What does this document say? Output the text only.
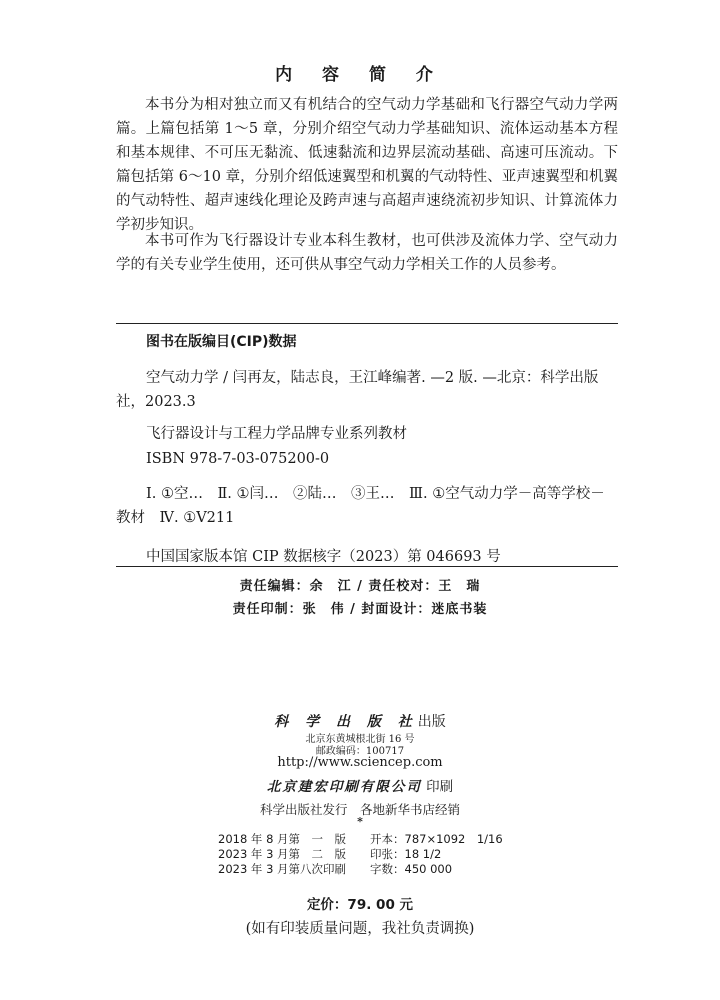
内 容 简 介

本书分为相对独立而又有机结合的空气动力学基础和飞行器空气动力学两篇。上篇包括第 1～5 章，分别介绍空气动力学基础知识、流体运动基本方程和基本规律、不可压无黏流、低速黏流和边界层流动基础、高速可压流动。下篇包括第 6～10 章，分别介绍低速翼型和机翼的气动特性、亚声速翼型和机翼的气动特性、超声速线化理论及跨声速与高超声速绕流初步知识、计算流体力学初步知识。

本书可作为飞行器设计专业本科生教材，也可供涉及流体力学、空气动力学的有关专业学生使用，还可供从事空气动力学相关工作的人员参考。

图书在版编目(CIP)数据

空气动力学 / 闫再友，陆志良，王江峰编著. —2 版. —北京：科学出版社，2023.3

飞行器设计与工程力学品牌专业系列教材

ISBN 978-7-03-075200-0

Ⅰ. ①空…　Ⅱ. ①闫…　②陆…　③王…　Ⅲ. ①空气动力学－高等学校－教材　Ⅳ. ①V211

中国国家版本馆 CIP 数据核字（2023）第 046693 号

责任编辑：余　江 / 责任校对：王　瑞
责任印制：张　伟 / 封面设计：迷底书装
科 学 出 版 社出版
北京东黄城根北街 16 号
邮政编码：100717
http://www.sciencep.com
北京建宏印刷有限公司 印刷
科学出版社发行　各地新华书店经销
*
2018 年 8 月第　一　版	开本：787×1092　1/16
2023 年 3 月第　二　版	印张：18 1/2
2023 年 3 月第八次印刷	字数：450 000
定价：79. 00 元
(如有印装质量问题，我社负责调换)
